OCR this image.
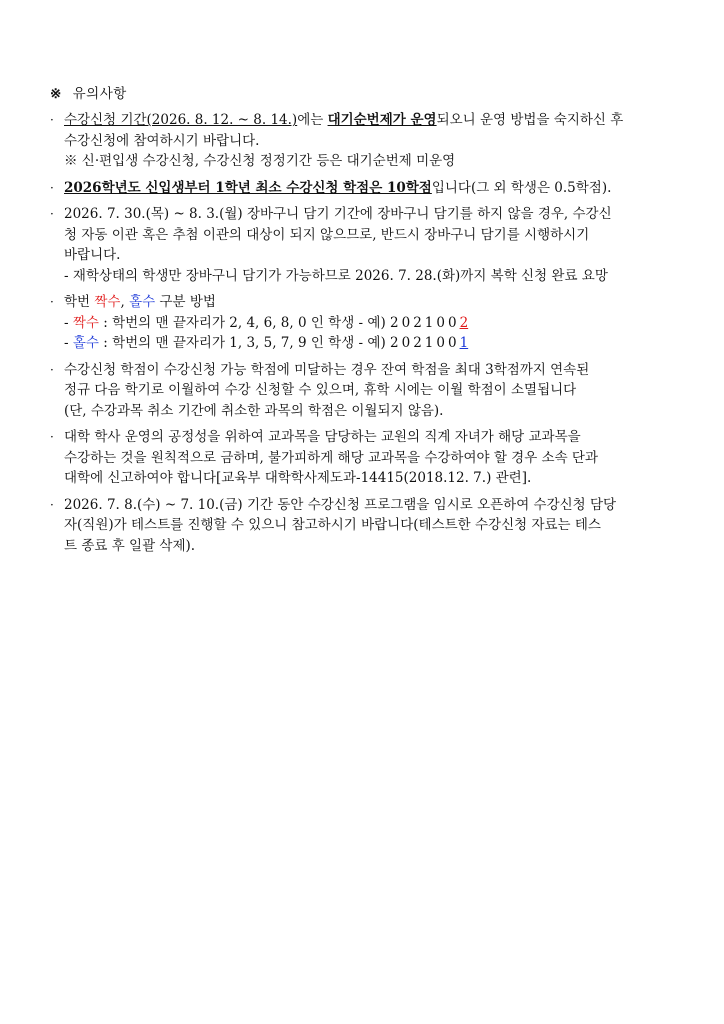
※ 유의사항
· 수강신청 기간(2026. 8. 12. ~ 8. 14.)에는 대기순번제가 운영되오니 운영 방법을 숙지하신 후
수강신청에 참여하시기 바랍니다.
※ 신·편입생 수강신청, 수강신청 정정기간 등은 대기순번제 미운영
· 2026학년도 신입생부터 1학년 최소 수강신청 학점은 10학점입니다(그 외 학생은 0.5학점).
· 2026. 7. 30.(목) ~ 8. 3.(월) 장바구니 담기 기간에 장바구니 담기를 하지 않을 경우, 수강신
청 자동 이관 혹은 추첨 이관의 대상이 되지 않으므로, 반드시 장바구니 담기를 시행하시기
바랍니다.
- 재학상태의 학생만 장바구니 담기가 가능하므로 2026. 7. 28.(화)까지 복학 신청 완료 요망
· 학번 짝수, 홀수 구분 방법
- 짝수 : 학번의 맨 끝자리가 2, 4, 6, 8, 0 인 학생 - 예) 2021002
- 홀수 : 학번의 맨 끝자리가 1, 3, 5, 7, 9 인 학생 - 예) 2021001
· 수강신청 학점이 수강신청 가능 학점에 미달하는 경우 잔여 학점을 최대 3학점까지 연속된
정규 다음 학기로 이월하여 수강 신청할 수 있으며, 휴학 시에는 이월 학점이 소멸됩니다
(단, 수강과목 취소 기간에 취소한 과목의 학점은 이월되지 않음).
· 대학 학사 운영의 공정성을 위하여 교과목을 담당하는 교원의 직계 자녀가 해당 교과목을
수강하는 것을 원칙적으로 금하며, 불가피하게 해당 교과목을 수강하여야 할 경우 소속 단과
대학에 신고하여야 합니다[교육부 대학학사제도과-14415(2018.12. 7.) 관련].
· 2026. 7. 8.(수) ~ 7. 10.(금) 기간 동안 수강신청 프로그램을 임시로 오픈하여 수강신청 담당
자(직원)가 테스트를 진행할 수 있으니 참고하시기 바랍니다(테스트한 수강신청 자료는 테스
트 종료 후 일괄 삭제).
